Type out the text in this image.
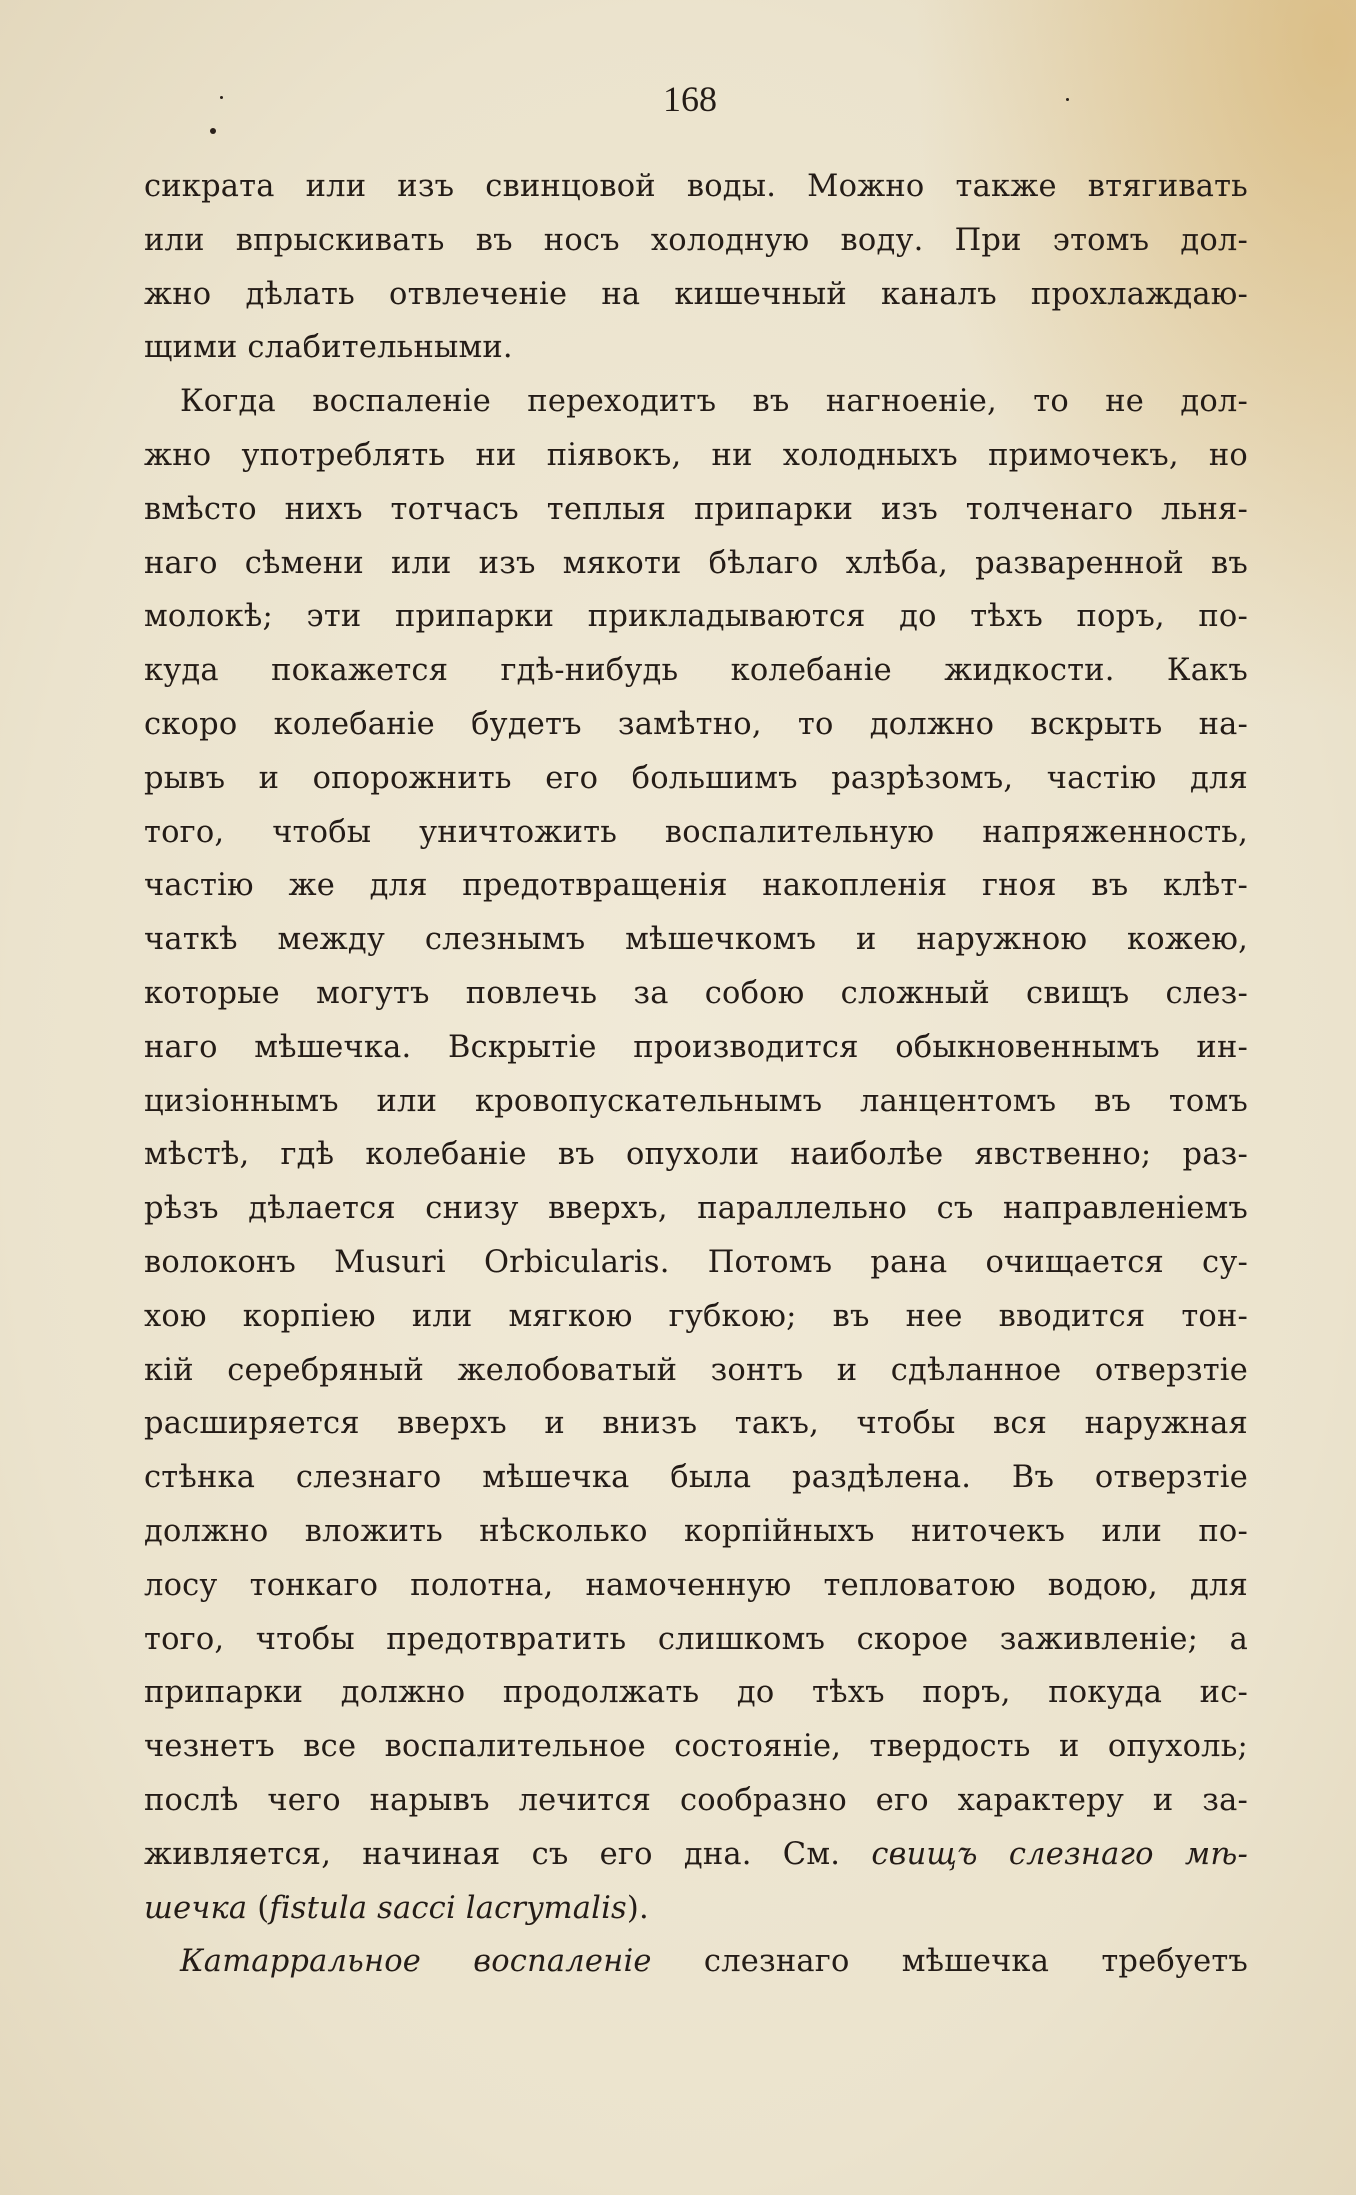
168

сикрата или изъ свинцовой воды. Можно также втягивать
или впрыскивать въ носъ холодную воду. При этомъ дол-
жно дѣлать отвлеченіе на кишечный каналъ прохлаждаю-
щими слабительными.

Когда воспаленіе переходитъ въ нагноеніе, то не дол-
жно употреблять ни піявокъ, ни холодныхъ примочекъ, но
вмѣсто нихъ тотчасъ теплыя припарки изъ толченаго льня-
наго сѣмени или изъ мякоти бѣлаго хлѣба, разваренной въ
молокѣ; эти припарки прикладываются до тѣхъ поръ, по-
куда покажется гдѣ-нибудь колебаніе жидкости. Какъ
скоро колебаніе будетъ замѣтно, то должно вскрыть на-
рывъ и опорожнить его большимъ разрѣзомъ, частію для
того, чтобы уничтожить воспалительную напряженность,
частію же для предотвращенія накопленія гноя въ клѣт-
чаткѣ между слезнымъ мѣшечкомъ и наружною кожею,
которые могутъ повлечь за собою сложный свищъ слез-
наго мѣшечка. Вскрытіе производится обыкновеннымъ ин-
цизіоннымъ или кровопускательнымъ ланцентомъ въ томъ
мѣстѣ, гдѣ колебаніе въ опухоли наиболѣе явственно; раз-
рѣзъ дѣлается снизу вверхъ, параллельно съ направленіемъ
волоконъ Musuri Orbicularis. Потомъ рана очищается су-
хою корпіею или мягкою губкою; въ нее вводится тон-
кій серебряный желобоватый зонтъ и сдѣланное отверзтіе
расширяется вверхъ и внизъ такъ, чтобы вся наружная
стѣнка слезнаго мѣшечка была раздѣлена. Въ отверзтіе
должно вложить нѣсколько корпійныхъ ниточекъ или по-
лосу тонкаго полотна, намоченную тепловатою водою, для
того, чтобы предотвратить слишкомъ скорое заживленіе; а
припарки должно продолжать до тѣхъ поръ, покуда ис-
чезнетъ все воспалительное состояніе, твердость и опухоль;
послѣ чего нарывъ лечится сообразно его характеру и за-
живляется, начиная съ его дна. См. свищъ слезнаго мѣ-
шечка (fistula sacci lacrymalis).

Катарральное воспаленіе слезнаго мѣшечка требуетъ
